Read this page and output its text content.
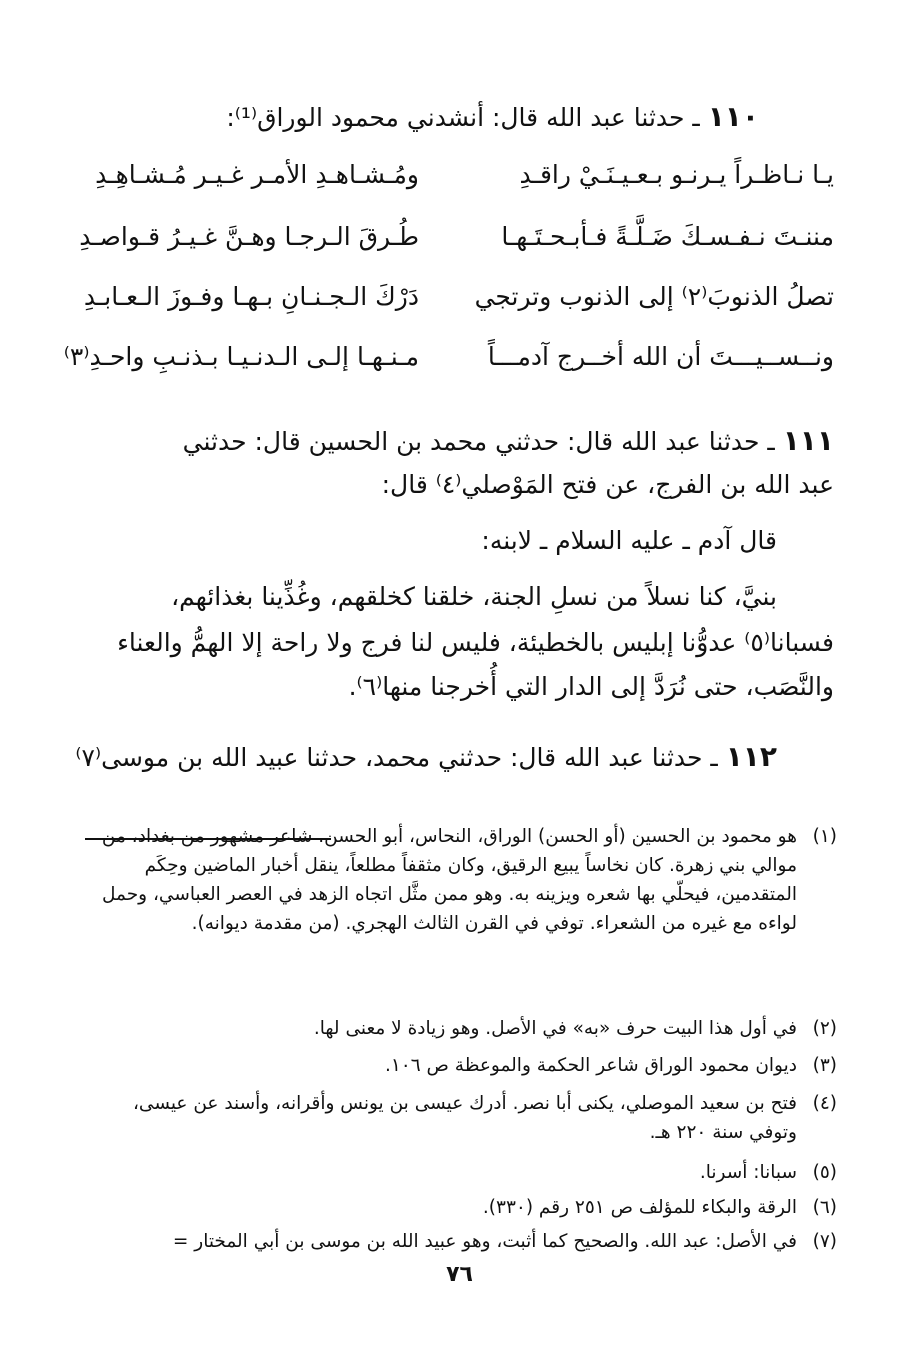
١١٠ ـ حدثنا عبد الله قال: أنشدني محمود الوراق⁽¹⁾:
يـا نـاظـراً يـرنـو بـعـيـنَـيْ راقـدِ
ومُـشـاهـدِ الأمـر غـيـر مُـشـاهِـدِ
مننـتَ نـفـسـكَ ضَـلَّـةً فـأبـحـتَـهـا
طُـرقَ الـرجـا وهـنَّ غـيـرُ قـواصـدِ
تصلُ الذنوبَ⁽٢⁾ إلى الذنوب وترتجي
دَرْكَ الـجـنـانِ بـهـا وفـوزَ الـعـابـدِ
ونــســيـــتَ أن الله أخــرج آدمـــاً
مـنـهـا إلـى الـدنـيـا بـذنـبِ واحـدِ⁽٣⁾
١١١ ـ حدثنا عبد الله قال: حدثني محمد بن الحسين قال: حدثني
عبد الله بن الفرج، عن فتح المَوْصلي⁽٤⁾ قال:
قال آدم ـ عليه السلام ـ لابنه:
بنيَّ، كنا نسلاً من نسلِ الجنة، خلقنا كخلقهم، وغُذِّينا بغذائهم،
فسبانا⁽٥⁾ عدوُّنا إبليس بالخطيئة، فليس لنا فرج ولا راحة إلا الهمُّ والعناء
والنَّصَب، حتى نُرَدَّ إلى الدار التي أُخرجنا منها⁽٦⁾.
١١٢ ـ حدثنا عبد الله قال: حدثني محمد، حدثنا عبيد الله بن موسى⁽٧⁾
(١)
هو محمود بن الحسين (أو الحسن) الوراق، النحاس، أبو الحسن. شاعر مشهور من بغداد، من موالي بني زهرة. كان نخاساً يبيع الرقيق، وكان مثقفاً مطلعاً، ينقل أخبار الماضين وحِكَم المتقدمين، فيحلّي بها شعره ويزينه به. وهو ممن مثَّل اتجاه الزهد في العصر العباسي، وحمل لواءه مع غيره من الشعراء. توفي في القرن الثالث الهجري. (من مقدمة ديوانه).
(٢)
في أول هذا البيت حرف «به» في الأصل. وهو زيادة لا معنى لها.
(٣)
ديوان محمود الوراق شاعر الحكمة والموعظة ص ١٠٦.
(٤)
فتح بن سعيد الموصلي، يكنى أبا نصر. أدرك عيسى بن يونس وأقرانه، وأسند عن عيسى، وتوفي سنة ٢٢٠ هـ.
(٥)
سبانا: أسرنا.
(٦)
الرقة والبكاء للمؤلف ص ٢٥١ رقم (٣٣٠).
(٧)
في الأصل: عبد الله. والصحيح كما أثبت، وهو عبيد الله بن موسى بن أبي المختار =
٧٦
